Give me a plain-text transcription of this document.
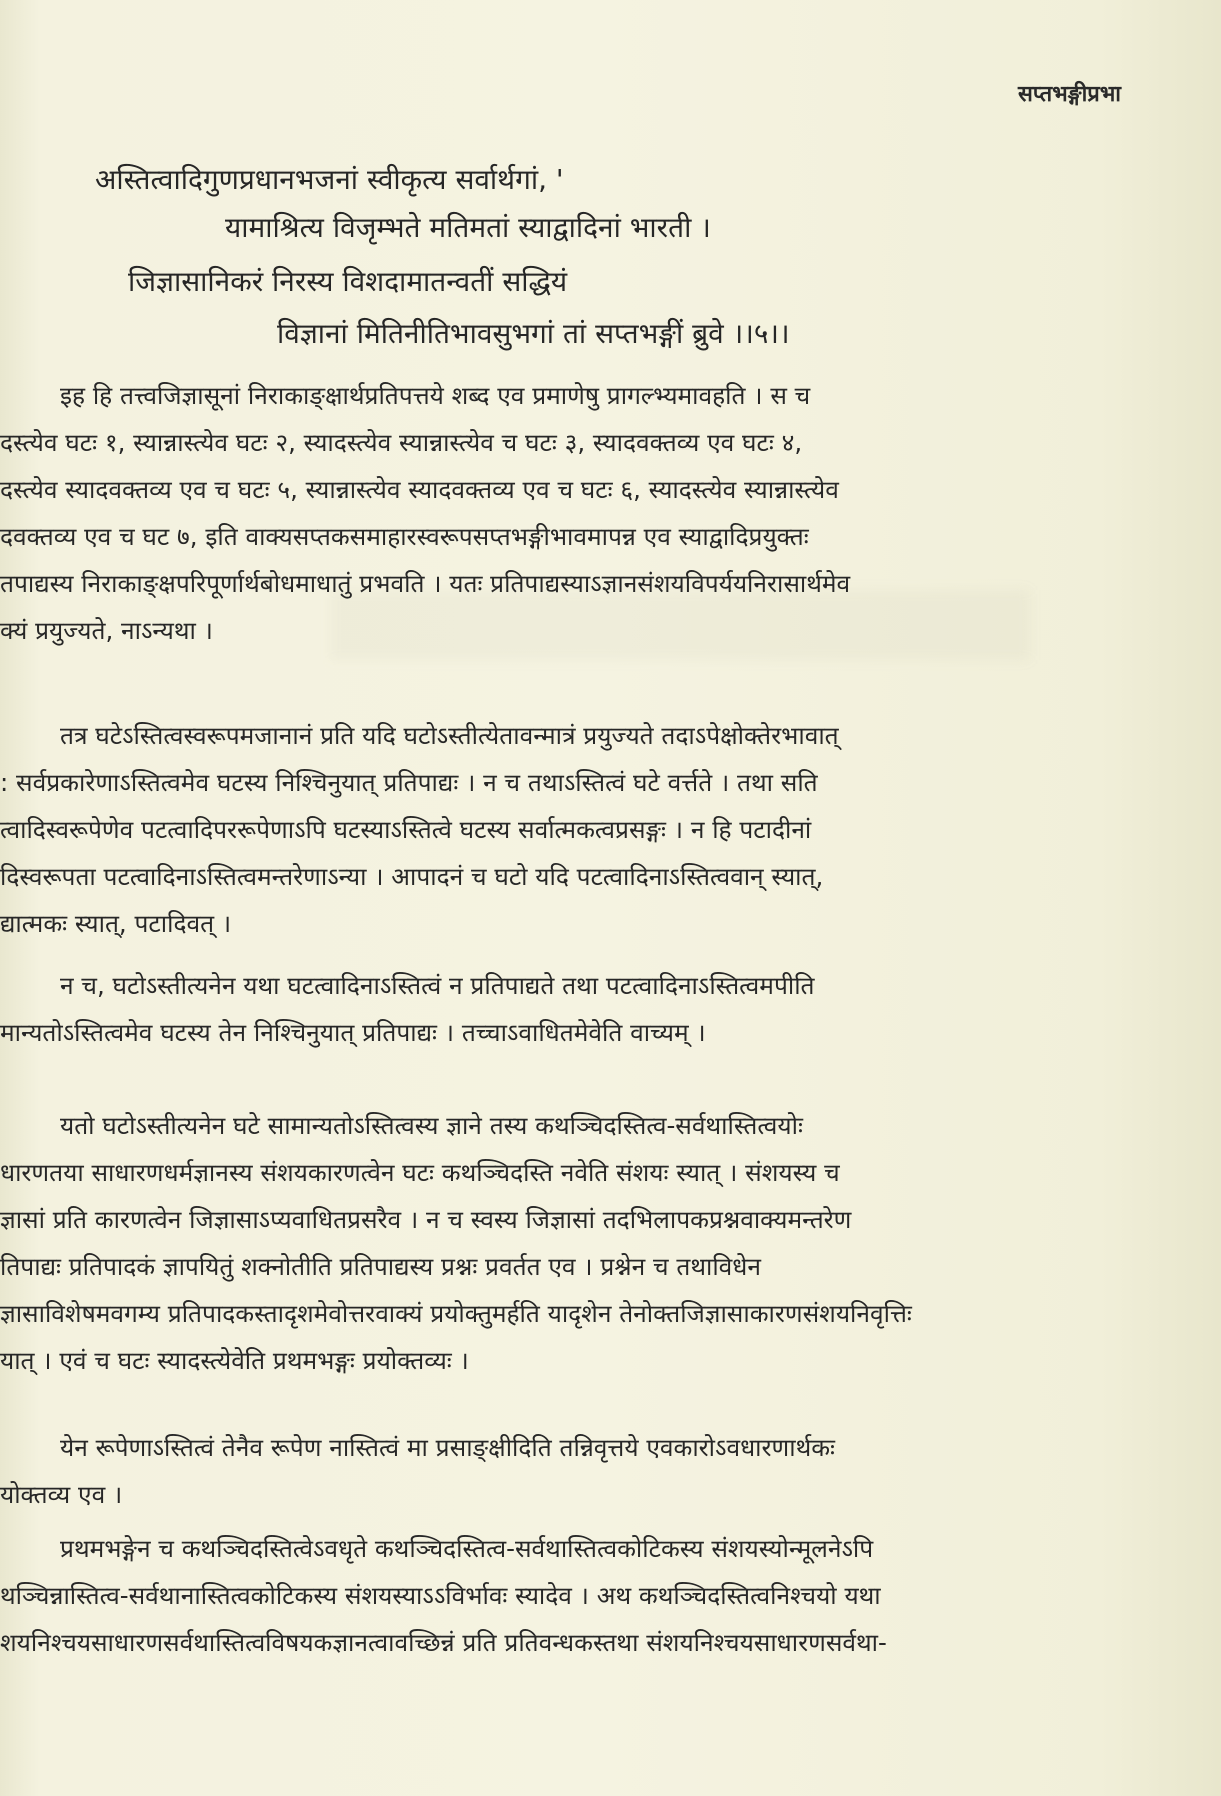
सप्तभङ्गीप्रभा
अस्तित्वादिगुणप्रधानभजनां स्वीकृत्य सर्वार्थगां, '
यामाश्रित्य विजृम्भते मतिमतां स्याद्वादिनां भारती ।
जिज्ञासानिकरं निरस्य विशदामातन्वतीं सद्धियं
विज्ञानां मितिनीतिभावसुभगां तां सप्तभङ्गीं ब्रुवे ।।५।।
इह हि तत्त्वजिज्ञासूनां निराकाङ्क्षार्थप्रतिपत्तये शब्द एव प्रमाणेषु प्रागल्भ्यमावहति । स च
दस्त्येव घटः १, स्यान्नास्त्येव घटः २, स्यादस्त्येव स्यान्नास्त्येव च घटः ३, स्यादवक्तव्य एव घटः ४,
दस्त्येव स्यादवक्तव्य एव च घटः ५, स्यान्नास्त्येव स्यादवक्तव्य एव च घटः ६, स्यादस्त्येव स्यान्नास्त्येव
दवक्तव्य एव च घट ७, इति वाक्यसप्तकसमाहारस्वरूपसप्तभङ्गीभावमापन्न एव स्याद्वादिप्रयुक्तः
तपाद्यस्य निराकाङ्क्षपरिपूर्णार्थबोधमाधातुं प्रभवति । यतः प्रतिपाद्यस्याऽज्ञानसंशयविपर्ययनिरासार्थमेव
क्यं प्रयुज्यते, नाऽन्यथा ।
तत्र घटेऽस्तित्वस्वरूपमजानानं प्रति यदि घटोऽस्तीत्येतावन्मात्रं प्रयुज्यते तदाऽपेक्षोक्तेरभावात्
: सर्वप्रकारेणाऽस्तित्वमेव घटस्य निश्चिनुयात् प्रतिपाद्यः । न च तथाऽस्तित्वं घटे वर्त्तते । तथा सति
त्वादिस्वरूपेणेव पटत्वादिपररूपेणाऽपि घटस्याऽस्तित्वे घटस्य सर्वात्मकत्वप्रसङ्गः । न हि पटादीनां
दिस्वरूपता पटत्वादिनाऽस्तित्वमन्तरेणाऽन्या । आपादनं च घटो यदि पटत्वादिनाऽस्तित्ववान् स्यात्,
द्यात्मकः स्यात्, पटादिवत् ।
न च, घटोऽस्तीत्यनेन यथा घटत्वादिनाऽस्तित्वं न प्रतिपाद्यते तथा पटत्वादिनाऽस्तित्वमपीति
मान्यतोऽस्तित्वमेव घटस्य तेन निश्चिनुयात् प्रतिपाद्यः । तच्चाऽवाधितमेवेति वाच्यम् ।
यतो घटोऽस्तीत्यनेन घटे सामान्यतोऽस्तित्वस्य ज्ञाने तस्य कथञ्चिदस्तित्व-सर्वथास्तित्वयोः
धारणतया साधारणधर्मज्ञानस्य संशयकारणत्वेन घटः कथञ्चिदस्ति नवेति संशयः स्यात् । संशयस्य च
ज्ञासां प्रति कारणत्वेन जिज्ञासाऽप्यवाधितप्रसरैव । न च स्वस्य जिज्ञासां तदभिलापकप्रश्नवाक्यमन्तरेण
तिपाद्यः प्रतिपादकं ज्ञापयितुं शक्नोतीति प्रतिपाद्यस्य प्रश्नः प्रवर्तत एव । प्रश्नेन च तथाविधेन
ज्ञासाविशेषमवगम्य प्रतिपादकस्तादृशमेवोत्तरवाक्यं प्रयोक्तुमर्हति यादृशेन तेनोक्तजिज्ञासाकारणसंशयनिवृत्तिः
यात् । एवं च घटः स्यादस्त्येवेति प्रथमभङ्गः प्रयोक्तव्यः ।
येन रूपेणाऽस्तित्वं तेनैव रूपेण नास्तित्वं मा प्रसाङ्क्षीदिति तन्निवृत्तये एवकारोऽवधारणार्थकः
योक्तव्य एव ।
प्रथमभङ्गेन च कथञ्चिदस्तित्वेऽवधृते कथञ्चिदस्तित्व-सर्वथास्तित्वकोटिकस्य संशयस्योन्मूलनेऽपि
थञ्चिन्नास्तित्व-सर्वथानास्तित्वकोटिकस्य संशयस्याऽऽविर्भावः स्यादेव । अथ कथञ्चिदस्तित्वनिश्चयो यथा
शयनिश्चयसाधारणसर्वथास्तित्वविषयकज्ञानत्वावच्छिन्नं प्रति प्रतिवन्धकस्तथा संशयनिश्चयसाधारणसर्वथा-
